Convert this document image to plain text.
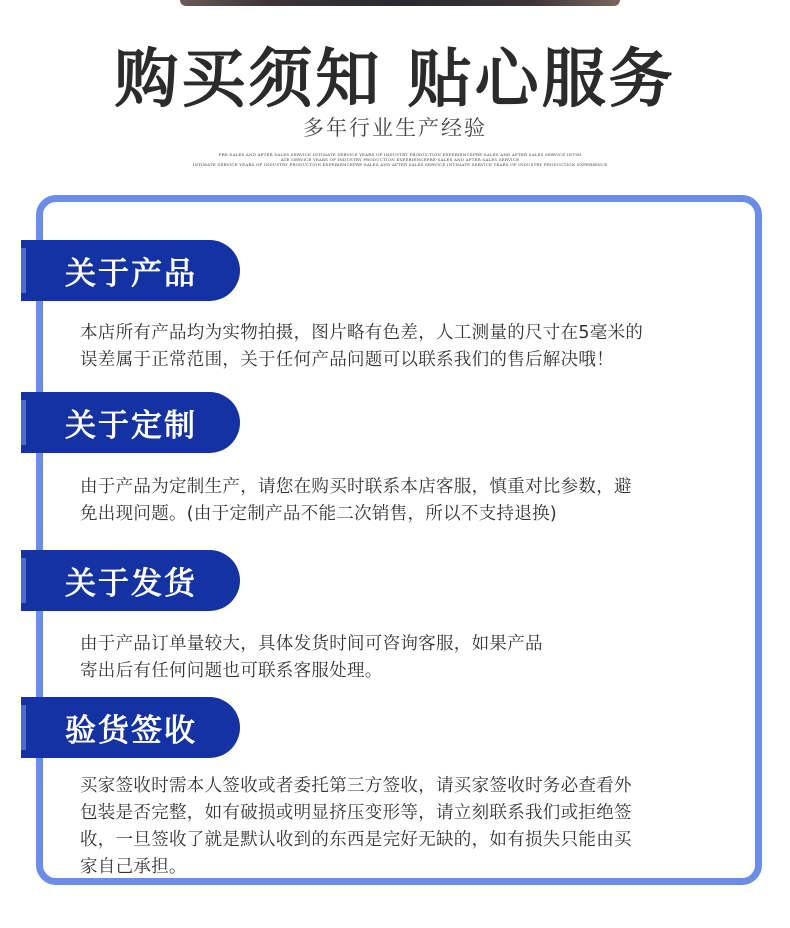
购买须知 贴心服务
多年行业生产经验
PRE-SALES AND AFTER SALES SERVICE INTIMATE SERVICE YEARS OF INDUSTRY PRODUCTION EXPERIENCEPRE-SALES AND AFTER SALES SERVICE INTIM
ATE SERVICE YEARS OF INDUSTRY PRODUCTION EXPERIENCEPRE-SALES AND AFTER SALES SERVICE
INTIMATE SERVICE YEARS OF INDUSTRY PRODUCTION EXPERIENCEPRE-SALES AND AFTER SALES SERVICE INTIMATE SERVICE YEARS OF INDUSTRY PRODUCTION EXPERIENCE
关于产品
本店所有产品均为实物拍摄，图片略有色差，人工测量的尺寸在5毫米的
误差属于正常范围，关于任何产品问题可以联系我们的售后解决哦！
关于定制
由于产品为定制生产，请您在购买时联系本店客服，慎重对比参数，避
免出现问题。(由于定制产品不能二次销售，所以不支持退换)
关于发货
由于产品订单量较大，具体发货时间可咨询客服，如果产品
寄出后有任何问题也可联系客服处理。
验货签收
买家签收时需本人签收或者委托第三方签收，请买家签收时务必查看外
包装是否完整，如有破损或明显挤压变形等，请立刻联系我们或拒绝签
收，一旦签收了就是默认收到的东西是完好无缺的，如有损失只能由买
家自己承担。
